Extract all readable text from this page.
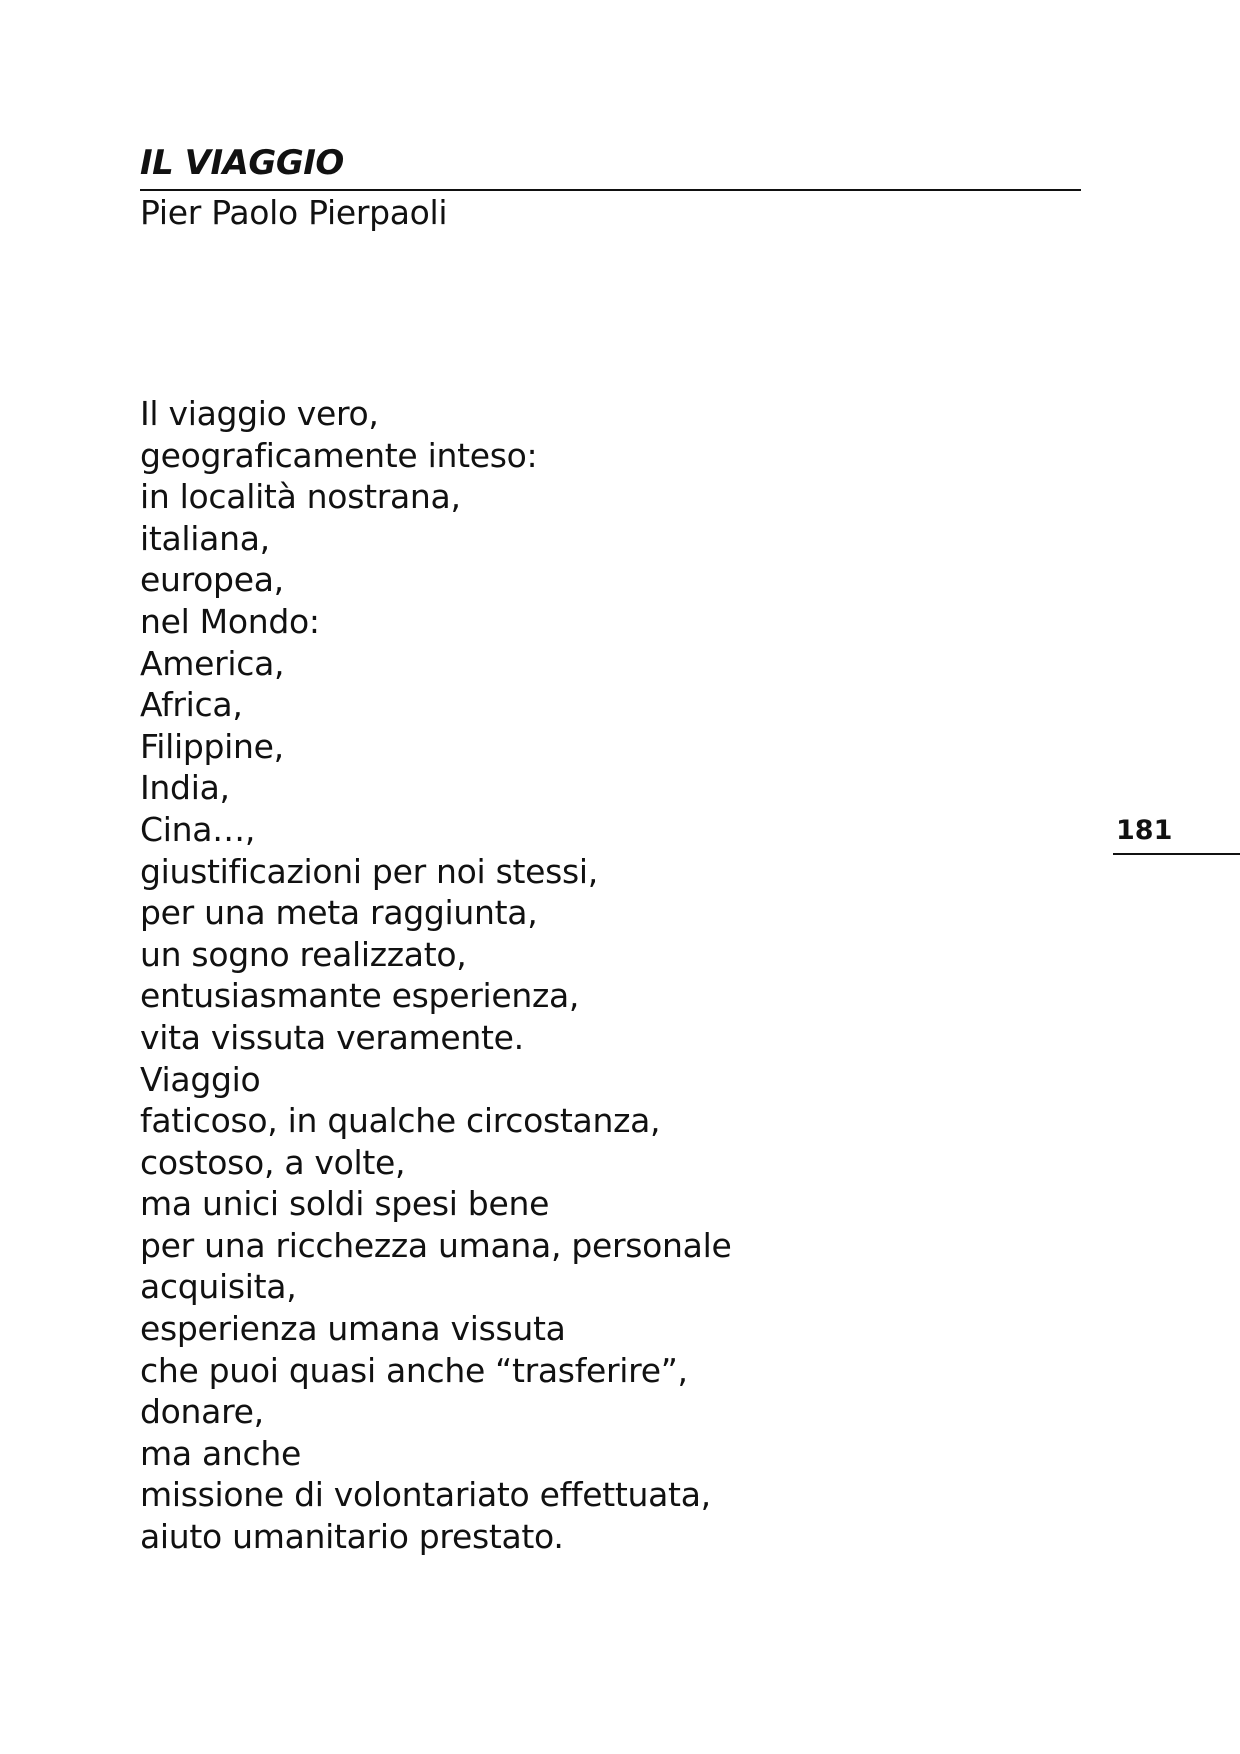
IL VIAGGIO

Pier Paolo Pierpaoli

Il viaggio vero,
geograficamente inteso:
in località nostrana,
italiana,
europea,
nel Mondo:
America,
Africa,
Filippine,
India,
Cina…,
giustificazioni per noi stessi,
per una meta raggiunta,
un sogno realizzato,
entusiasmante esperienza,
vita vissuta veramente.
Viaggio
faticoso, in qualche circostanza,
costoso, a volte,
ma unici soldi spesi bene
per una ricchezza umana, personale
acquisita,
esperienza umana vissuta
che puoi quasi anche “trasferire”,
donare,
ma anche
missione di volontariato effettuata,
aiuto umanitario prestato.

181
